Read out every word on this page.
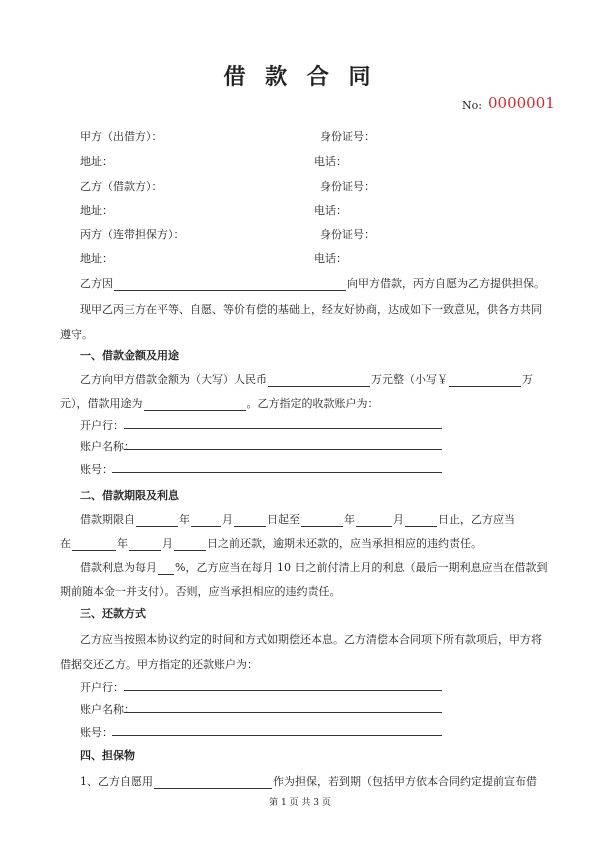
借 款 合 同
No: 0000001
甲方（出借方）：	身份证号：
地址：	电话：
乙方（借款方）：	身份证号：
地址：	电话：
丙方（连带担保方）：	身份证号：
地址：	电话：
乙方因	向甲方借款，丙方自愿为乙方提供担保。
现甲乙丙三方在平等、自愿、等价有偿的基础上，经友好协商，达成如下一致意见，供各方共同
遵守。
一、借款金额及用途
乙方向甲方借款金额为（大写）人民币	万元整（小写￥	万
元），借款用途为	。乙方指定的收款账户为：
开户行：
账户名称：
账号：
二、借款期限及利息
借款期限自	年	月	日起至	年	月	日止，乙方应当
在	年	月	日之前还款，逾期未还款的，应当承担相应的违约责任。
借款利息为每月 %，乙方应当在每月 10 日之前付清上月的利息（最后一期利息应当在借款到
期前随本金一并支付）。否则，应当承担相应的违约责任。
三、还款方式
乙方应当按照本协议约定的时间和方式如期偿还本息。乙方清偿本合同项下所有款项后，甲方将
借据交还乙方。甲方指定的还款账户为：
开户行：
账户名称：
账号：
四、担保物
1、乙方自愿用	作为担保，若到期（包括甲方依本合同约定提前宣布借
第 1 页 共 3 页
